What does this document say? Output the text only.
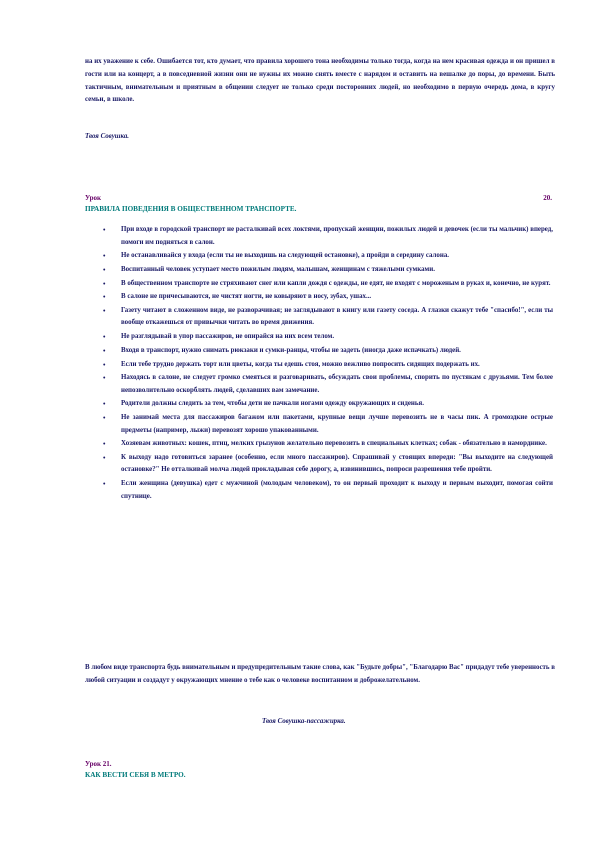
на их уважение к себе. Ошибается тот, кто думает, что правила хорошего тона необходимы только тогда, когда на нем красивая одежда и он пришел в гости или на концерт, а в повседневной жизни они не нужны их можно снять вместе с нарядом и оставить на вешалке до поры, до времени. Быть тактичным, внимательным и приятным в общении следует не только среди посторонних людей, но необходимо в первую очередь дома, в кругу семьи, в школе.
Твоя Совушка.
Урок	20.
ПРАВИЛА ПОВЕДЕНИЯ В ОБЩЕСТВЕННОМ ТРАНСПОРТЕ.
• При входе в городской транспорт не расталкивай всех локтями, пропускай женщин, пожилых людей и девочек (если ты мальчик) вперед, помоги им подняться в салон.
• Не останавливайся у входа (если ты не выходишь на следующей остановке), а пройди в середину салона.
• Воспитанный человек уступает место пожилым людям, малышам, женщинам с тяжелыми сумками.
• В общественном транспорте не стряхивают снег или капли дождя с одежды, не едят, не входят с мороженым в руках и, конечно, не курят.
• В салоне не причесываются, не чистят ногти, не ковыряют в носу, зубах, ушах...
• Газету читают в сложенном виде, не разворачивая; не заглядывают в книгу или газету соседа. А глазки скажут тебе "спасибо!", если ты вообще откажешься от привычки читать во время движения.
• Не разглядывай в упор пассажиров, не опирайся на них всем телом.
• Входя в транспорт, нужно снимать рюкзаки и сумки-ранцы, чтобы не задеть (иногда даже испачкать) людей.
• Если тебе трудно держать торт или цветы, когда ты едешь стоя, можно вежливо попросить сидящих подержать их.
• Находясь в салоне, не следует громко смеяться и разговаривать, обсуждать свои проблемы, спорить по пустякам с друзьями. Тем более непозволительно оскорблять людей, сделавших вам замечание.
• Родители должны следить за тем, чтобы дети не пачкали ногами одежду окружающих и сиденья.
• Не занимай места для пассажиров багажом или пакетами, крупные вещи лучше перевозить не в часы пик. А громоздкие острые предметы (например, лыжи) перевозят хорошо упакованными.
• Хозяевам животных: кошек, птиц, мелких грызунов желательно перевозить в специальных клетках; собак - обязательно в наморднике.
• К выходу надо готовиться заранее (особенно, если много пассажиров). Спрашивай у стоящих впереди: "Вы выходите на следующей остановке?" Не отталкивай молча людей прокладывая себе дорогу, а, извинившись, попроси разрешения тебе пройти.
• Если женщина (девушка) едет с мужчиной (молодым человеком), то он первый проходит к выходу и первым выходит, помогая сойти спутнице.
В любом виде транспорта будь внимательным и предупредительным такие слова, как "Будьте добры", "Благодарю Вас" придадут тебе уверенность в любой ситуации и создадут у окружающих мнение о тебе как о человеке воспитанном и доброжелательном.
Твоя Совушка-пассажирка.
Урок 21.
КАК ВЕСТИ СЕБЯ В МЕТРО.
